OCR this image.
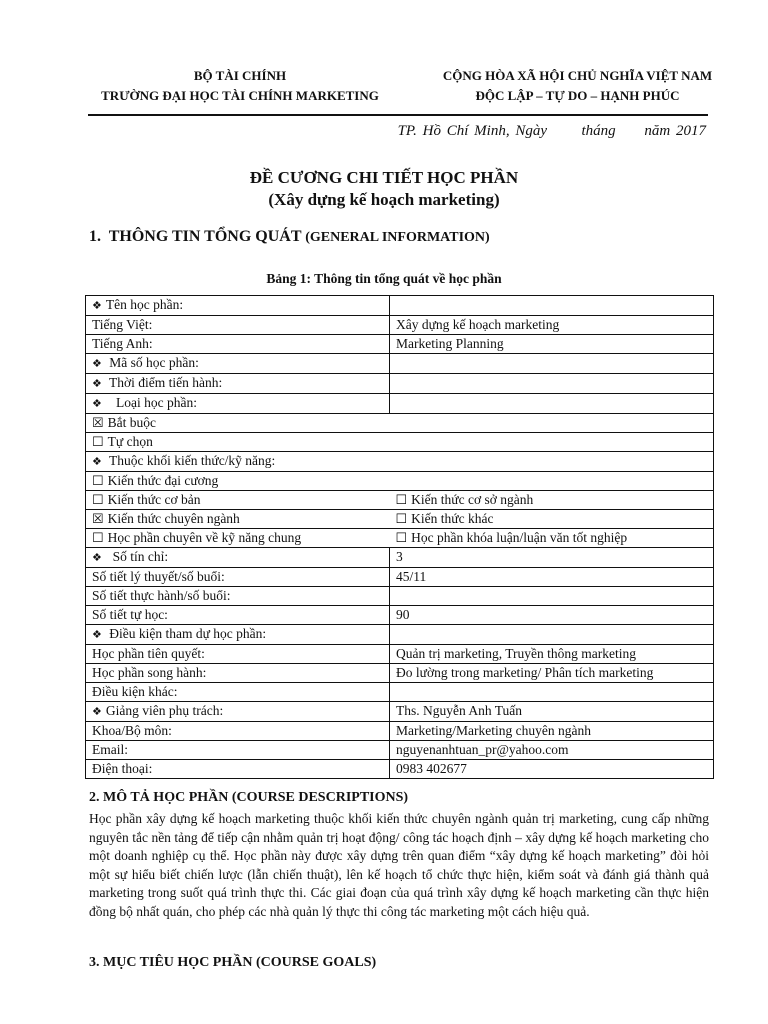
BỘ TÀI CHÍNH
TRƯỜNG ĐẠI HỌC TÀI CHÍNH MARKETING
CỘNG HÒA XÃ HỘI CHỦ NGHĨA VIỆT NAM
ĐỘC LẬP – TỰ DO – HẠNH PHÚC
TP. Hồ Chí Minh, Ngày      tháng     năm 2017
ĐỀ CƯƠNG CHI TIẾT HỌC PHẦN
(Xây dựng kế hoạch marketing)
1. THÔNG TIN TỔNG QUÁT (GENERAL INFORMATION)
Bảng 1: Thông tin tổng quát về học phần
❖ Tên học phần:	
Tiếng Việt:	Xây dựng kế hoạch marketing
Tiếng Anh:	Marketing Planning
❖ Mã số học phần:	
❖ Thời điểm tiến hành:	
❖ Loại học phần:	
☒ Bắt buộc	
☐ Tự chọn	
❖ Thuộc khối kiến thức/kỹ năng:	
☐ Kiến thức đại cương	
☐ Kiến thức cơ bản	☐ Kiến thức cơ sở ngành
☒ Kiến thức chuyên ngành	☐ Kiến thức khác
☐ Học phần chuyên về kỹ năng chung	☐ Học phần khóa luận/luận văn tốt nghiệp
❖ Số tín chỉ:	3
Số tiết lý thuyết/số buổi:	45/11
Số tiết thực hành/số buổi:	
Số tiết tự học:	90
❖ Điều kiện tham dự học phần:	
Học phần tiên quyết:	Quản trị marketing, Truyền thông marketing
Học phần song hành:	Đo lường trong marketing/ Phân tích marketing
Điều kiện khác:	
❖ Giảng viên phụ trách:	Ths. Nguyễn Anh Tuấn
Khoa/Bộ môn:	Marketing/Marketing chuyên ngành
Email:	nguyenanhtuan_pr@yahoo.com
Điện thoại:	0983 402677
2. MÔ TẢ HỌC PHẦN (COURSE DESCRIPTIONS)
Học phần xây dựng kế hoạch marketing thuộc khối kiến thức chuyên ngành quản trị marketing, cung cấp những nguyên tắc nền tảng để tiếp cận nhằm quản trị hoạt động/ công tác hoạch định – xây dựng kế hoạch marketing cho một doanh nghiệp cụ thể. Học phần này được xây dựng trên quan điểm “xây dựng kế hoạch marketing” đòi hỏi một sự hiểu biết chiến lược (lẫn chiến thuật), lên kế hoạch tổ chức thực hiện, kiểm soát và đánh giá thành quả marketing trong suốt quá trình thực thi. Các giai đoạn của quá trình xây dựng kế hoạch marketing cần thực hiện đồng bộ nhất quán, cho phép các nhà quản lý thực thi công tác marketing một cách hiệu quả.
3. MỤC TIÊU HỌC PHẦN (COURSE GOALS)
